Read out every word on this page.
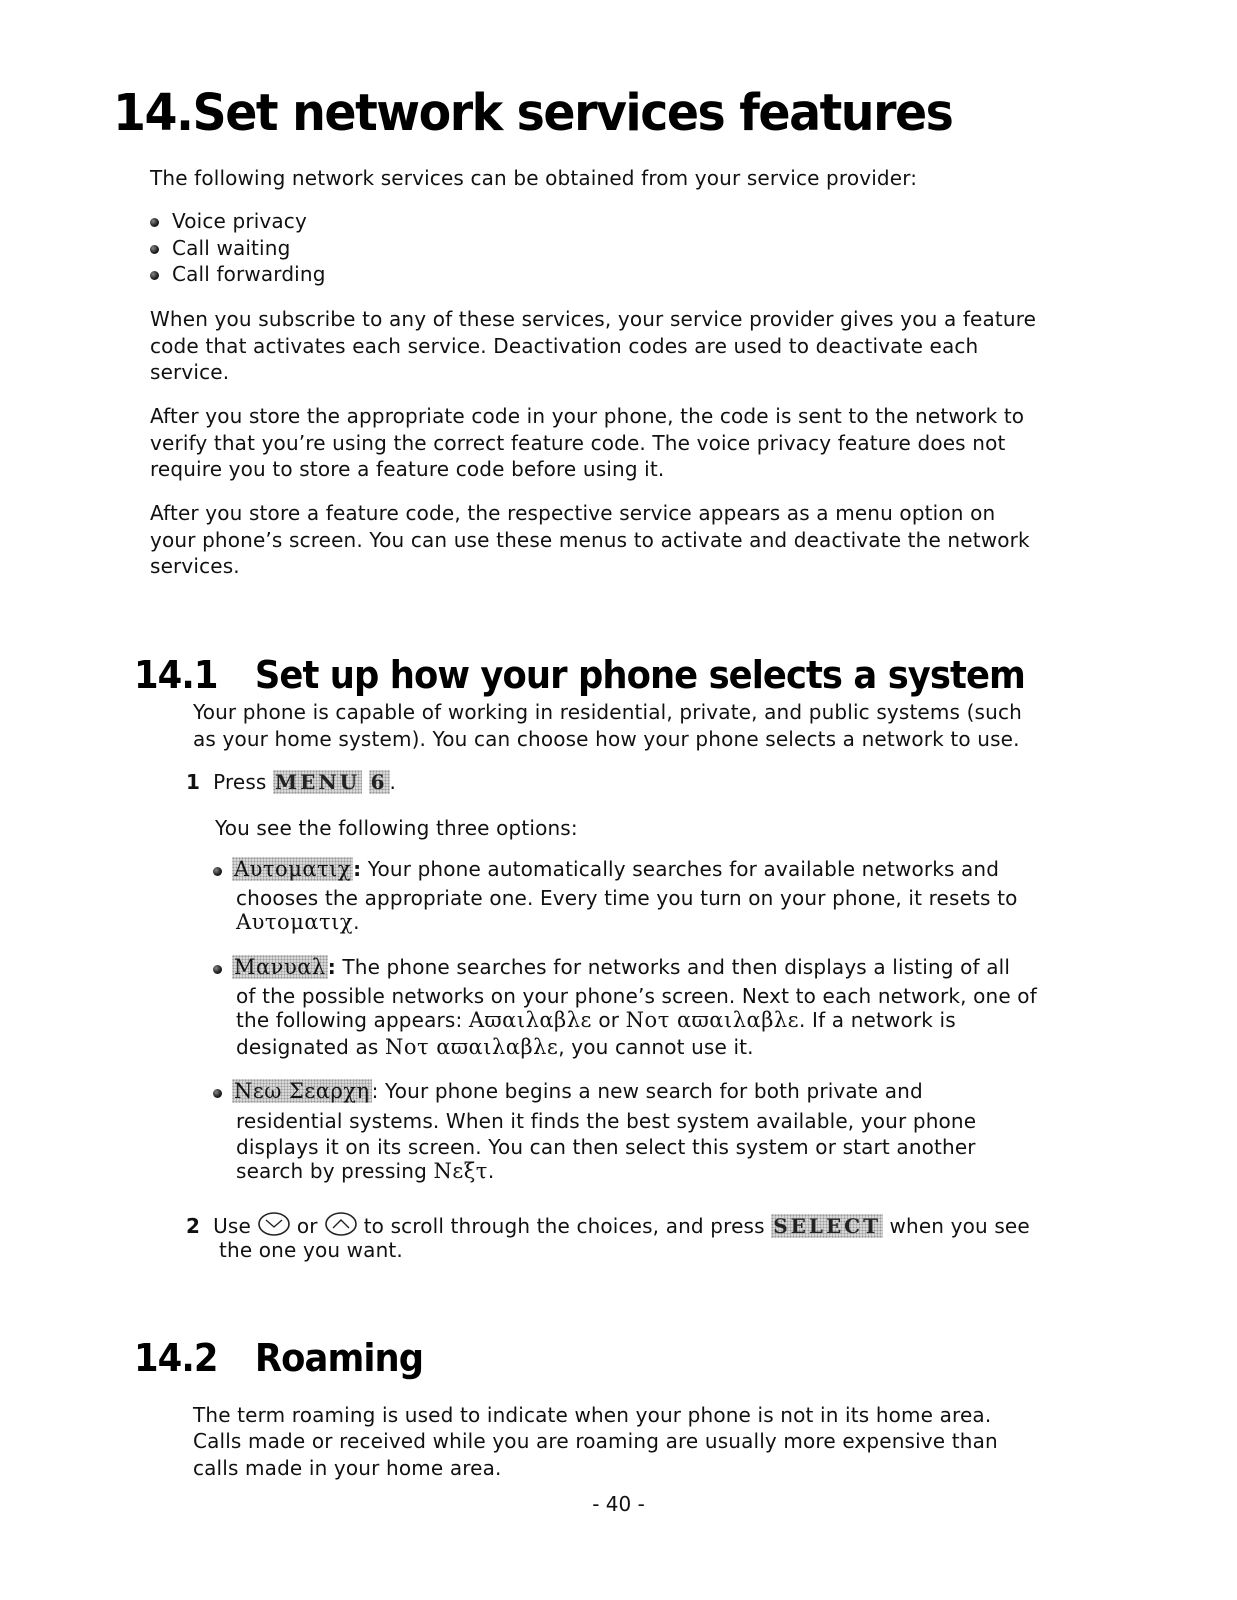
14.Set network services features

The following network services can be obtained from your service provider:

Voice privacy

Call waiting

Call forwarding

When you subscribe to any of these services, your service provider gives you a feature

code that activates each service. Deactivation codes are used to deactivate each

service.

After you store the appropriate code in your phone, the code is sent to the network to

verify that you’re using the correct feature code. The voice privacy feature does not

require you to store a feature code before using it.

After you store a feature code, the respective service appears as a menu option on

your phone’s screen. You can use these menus to activate and deactivate the network

services.

14.1 Set up how your phone selects a system

Your phone is capable of working in residential, private, and public systems (such

as your home system). You can choose how your phone selects a network to use.

1 Press MENU 6 .

You see the following three options:

Αυτοματιχ : Your phone automatically searches for available networks and

chooses the appropriate one. Every time you turn on your phone, it resets to

Αυτοματιχ.

Μανυαλ : The phone searches for networks and then displays a listing of all

of the possible networks on your phone’s screen. Next to each network, one of

the following appears: Αϖαιλαβλε or Νοτ αϖαιλαβλε. If a network is

designated as Νοτ αϖαιλαβλε, you cannot use it.

Νεω Σεαρχη : Your phone begins a new search for both private and

residential systems. When it finds the best system available, your phone

displays it on its screen. You can then select this system or start another

search by pressing Νεξτ.

2 Use or to scroll through the choices, and press SELECT when you see

the one you want.

14.2 Roaming

The term roaming is used to indicate when your phone is not in its home area.

Calls made or received while you are roaming are usually more expensive than

calls made in your home area.

- 40 -
